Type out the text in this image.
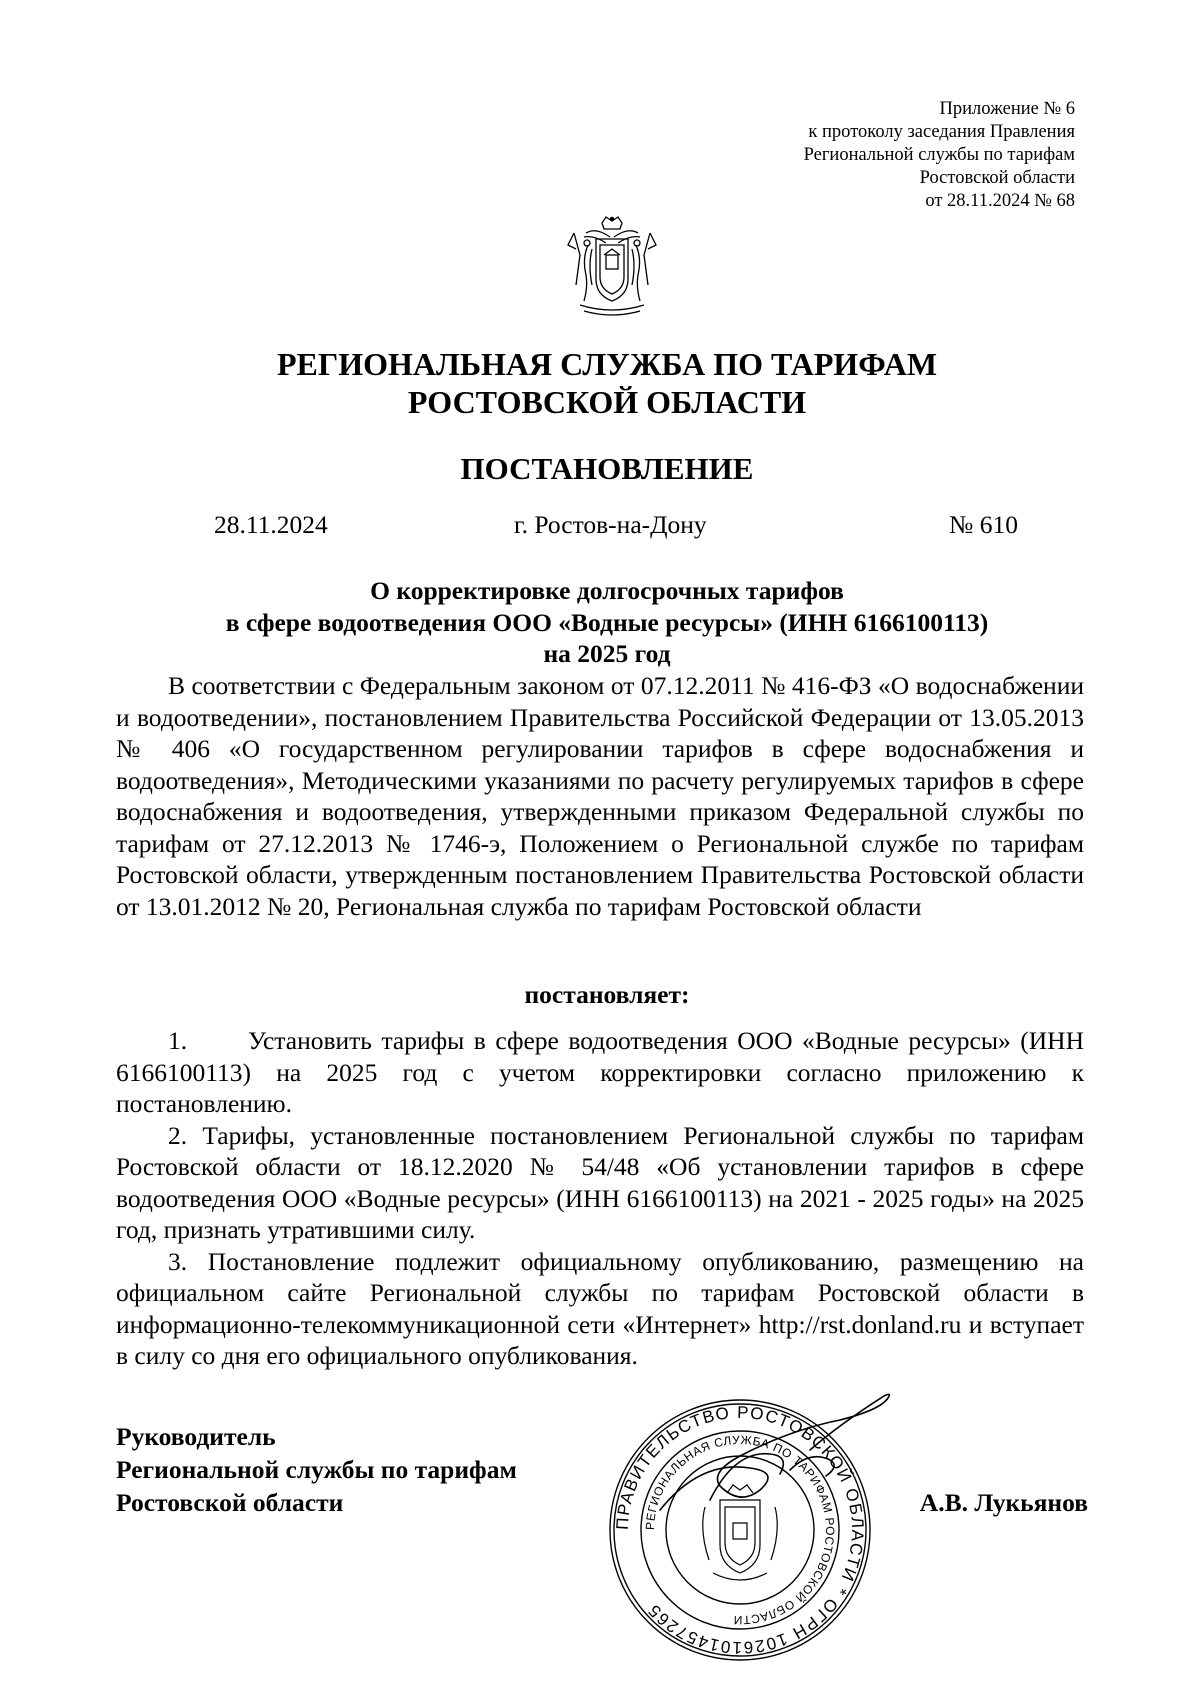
Приложение № 6
к протоколу заседания Правления
Региональной службы по тарифам
Ростовской области
от 28.11.2024 № 68
РЕГИОНАЛЬНАЯ СЛУЖБА ПО ТАРИФАМ
РОСТОВСКОЙ ОБЛАСТИ
ПОСТАНОВЛЕНИЕ
28.11.2024	г. Ростов-на-Дону	№ 610
О корректировке долгосрочных тарифов
в сфере водоотведения ООО «Водные ресурсы» (ИНН 6166100113)
на 2025 год
В соответствии с Федеральным законом от 07.12.2011 № 416-ФЗ «О водоснабжении и водоотведении», постановлением Правительства Российской Федерации от 13.05.2013 № 406 «О государственном регулировании тарифов в сфере водоснабжения и водоотведения», Методическими указаниями по расчету регулируемых тарифов в сфере водоснабжения и водоотведения, утвержденными приказом Федеральной службы по тарифам от 27.12.2013 № 1746-э, Положением о Региональной службе по тарифам Ростовской области, утвержденным постановлением Правительства Ростовской области от 13.01.2012 № 20, Региональная служба по тарифам Ростовской области
постановляет:

1. Установить тарифы в сфере водоотведения ООО «Водные ресурсы» (ИНН 6166100113) на 2025 год с учетом корректировки согласно приложению к постановлению.

2. Тарифы, установленные постановлением Региональной службы по тарифам Ростовской области от 18.12.2020 № 54/48 «Об установлении тарифов в сфере водоотведения ООО «Водные ресурсы» (ИНН 6166100113) на 2021 - 2025 годы» на 2025 год, признать утратившими силу.

3. Постановление подлежит официальному опубликованию, размещению на официальном сайте Региональной службы по тарифам Ростовской области в информационно-телекоммуникационной сети «Интернет» http://rst.donland.ru и вступает в силу со дня его официального опубликования.

Руководитель
Региональной службы по тарифам
Ростовской области
ПРАВИТЕЛЬСТВО РОСТОВСКОЙ ОБЛАСТИ * ОГРН 1026101457265
РЕГИОНАЛЬНАЯ СЛУЖБА ПО ТАРИФАМ РОСТОВСКОЙ ОБЛАСТИ
А.В. Лукьянов
